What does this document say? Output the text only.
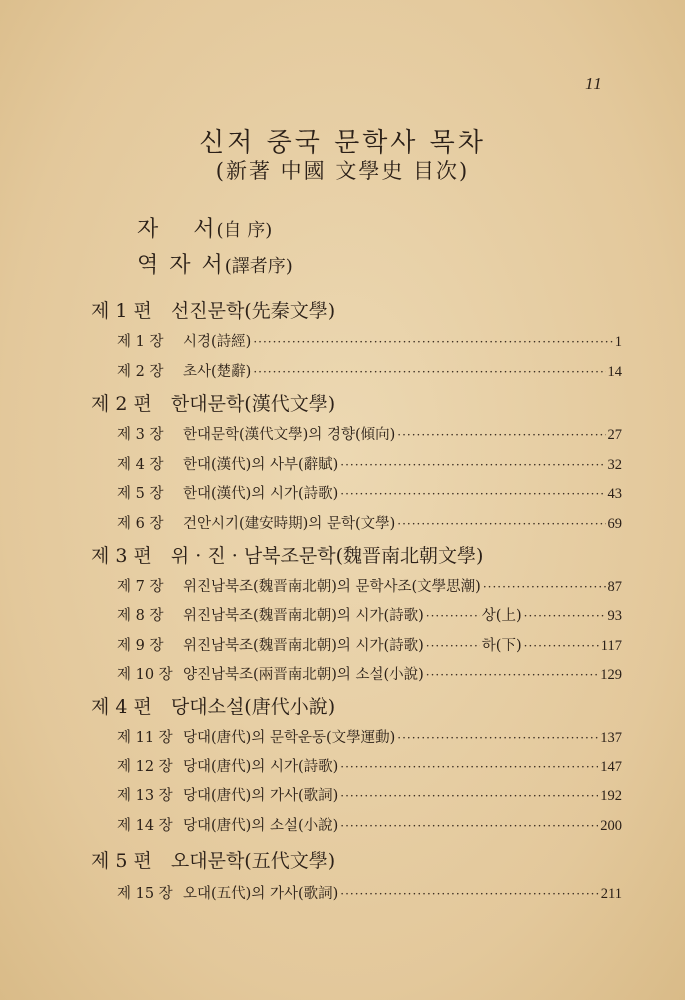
11
신저 중국 문학사 목차
(新著 中國 文學史 目次)
자　 서(自 序)
역 자 서(譯者序)
제 1 편　선진문학(先秦文學)
제 1 장	시경(詩經) ·····	1
제 2 장	초사(楚辭) ·····	14
제 2 편　한대문학(漢代文學)
제 3 장	한대문학(漢代文學)의 경향(傾向) ·····	27
제 4 장	한대(漢代)의 사부(辭賦) ·····	32
제 5 장	한대(漢代)의 시가(詩歌) ·····	43
제 6 장	건안시기(建安時期)의 문학(文學) ·····	69
제 3 편　위 · 진 · 남북조문학(魏晋南北朝文學)
제 7 장	위진남북조(魏晋南北朝)의 문학사조(文學思潮) ·····	87
제 8 장	위진남북조(魏晋南北朝)의 시가(詩歌) ·····	상(上) ·····	93
제 9 장	위진남북조(魏晋南北朝)의 시가(詩歌) ·····	하(下) ·····	117
제 10 장 양진남북조(兩晋南北朝)의 소설(小說) ·····	129
제 4 편　당대소설(唐代小說)
제 11 장 당대(唐代)의 문학운동(文學運動) ·····	137
제 12 장 당대(唐代)의 시가(詩歌) ·····	147
제 13 장 당대(唐代)의 가사(歌詞) ·····	192
제 14 장 당대(唐代)의 소설(小說) ·····	200
제 5 편　오대문학(五代文學)
제 15 장 오대(五代)의 가사(歌詞) ·····	211
